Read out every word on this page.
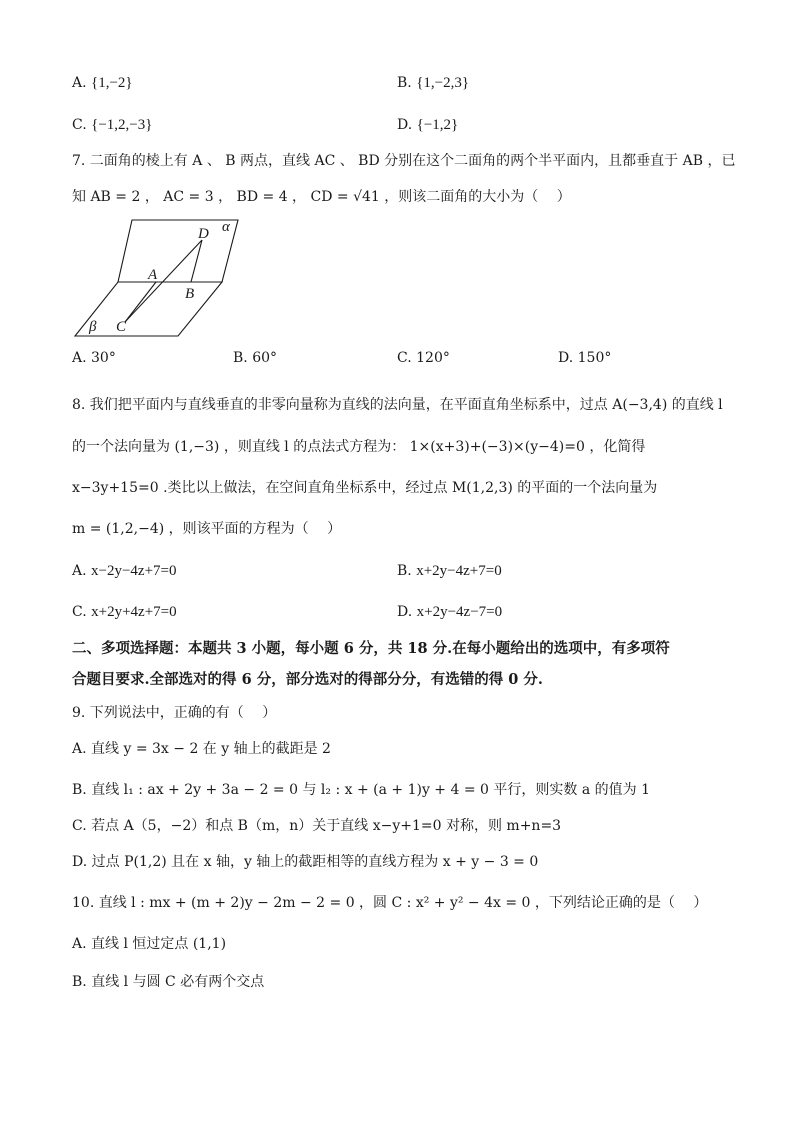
A. {1,−2}	B. {1,−2,3}
C. {−1,2,−3}	D. {−1,2}
7. 二面角的棱上有 A 、 B 两点，直线 AC 、 BD 分别在这个二面角的两个半平面内，且都垂直于 AB ，已
知 AB = 2 ， AC = 3 ， BD = 4 ， CD = √41 ，则该二面角的大小为（　 ）
D α
A
B
β C
A. 30°	B. 60°	C. 120°	D. 150°
8. 我们把平面内与直线垂直的非零向量称为直线的法向量，在平面直角坐标系中，过点 A(−3,4) 的直线 l
的一个法向量为 (1,−3) ，则直线 l 的点法式方程为： 1×(x+3)+(−3)×(y−4)=0 ，化简得
x−3y+15=0 .类比以上做法，在空间直角坐标系中，经过点 M(1,2,3) 的平面的一个法向量为
m = (1,2,−4) ，则该平面的方程为（　 ）
A. x−2y−4z+7=0	B. x+2y−4z+7=0
C. x+2y+4z+7=0	D. x+2y−4z−7=0
二、多项选择题：本题共 3 小题，每小题 6 分，共 18 分.在每小题给出的选项中，有多项符
合题目要求.全部选对的得 6 分，部分选对的得部分分，有选错的得 0 分.
9. 下列说法中，正确的有（　 ）
A. 直线 y = 3x − 2 在 y 轴上的截距是 2
B. 直线 l₁ : ax + 2y + 3a − 2 = 0 与 l₂ : x + (a + 1)y + 4 = 0 平行，则实数 a 的值为 1
C. 若点 A（5，−2）和点 B（m，n）关于直线 x−y+1=0 对称，则 m+n=3
D. 过点 P(1,2) 且在 x 轴，y 轴上的截距相等的直线方程为 x + y − 3 = 0
10. 直线 l : mx + (m + 2)y − 2m − 2 = 0 ，圆 C : x² + y² − 4x = 0 ，下列结论正确的是（　 ）
A. 直线 l 恒过定点 (1,1)
B. 直线 l 与圆 C 必有两个交点
